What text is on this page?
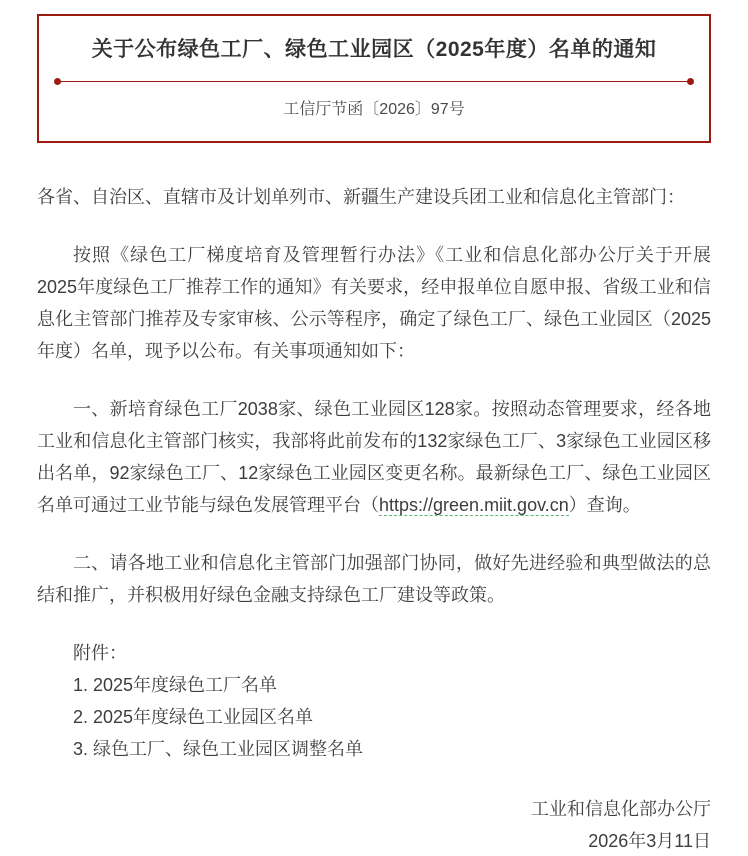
关于公布绿色工厂、绿色工业园区（2025年度）名单的通知
工信厅节函〔2026〕97号

各省、自治区、直辖市及计划单列市、新疆生产建设兵团工业和信息化主管部门：

按照《绿色工厂梯度培育及管理暂行办法》《工业和信息化部办公厅关于开展2025年度绿色工厂推荐工作的通知》有关要求，经申报单位自愿申报、省级工业和信息化主管部门推荐及专家审核、公示等程序，确定了绿色工厂、绿色工业园区（2025年度）名单，现予以公布。有关事项通知如下：

一、新培育绿色工厂2038家、绿色工业园区128家。按照动态管理要求，经各地工业和信息化主管部门核实，我部将此前发布的132家绿色工厂、3家绿色工业园区移出名单，92家绿色工厂、12家绿色工业园区变更名称。最新绿色工厂、绿色工业园区名单可通过工业节能与绿色发展管理平台（https://green.miit.gov.cn）查询。

二、请各地工业和信息化主管部门加强部门协同，做好先进经验和典型做法的总结和推广，并积极用好绿色金融支持绿色工厂建设等政策。

附件：

1. 2025年度绿色工厂名单

2. 2025年度绿色工业园区名单

3. 绿色工厂、绿色工业园区调整名单

工业和信息化部办公厅

2026年3月11日
